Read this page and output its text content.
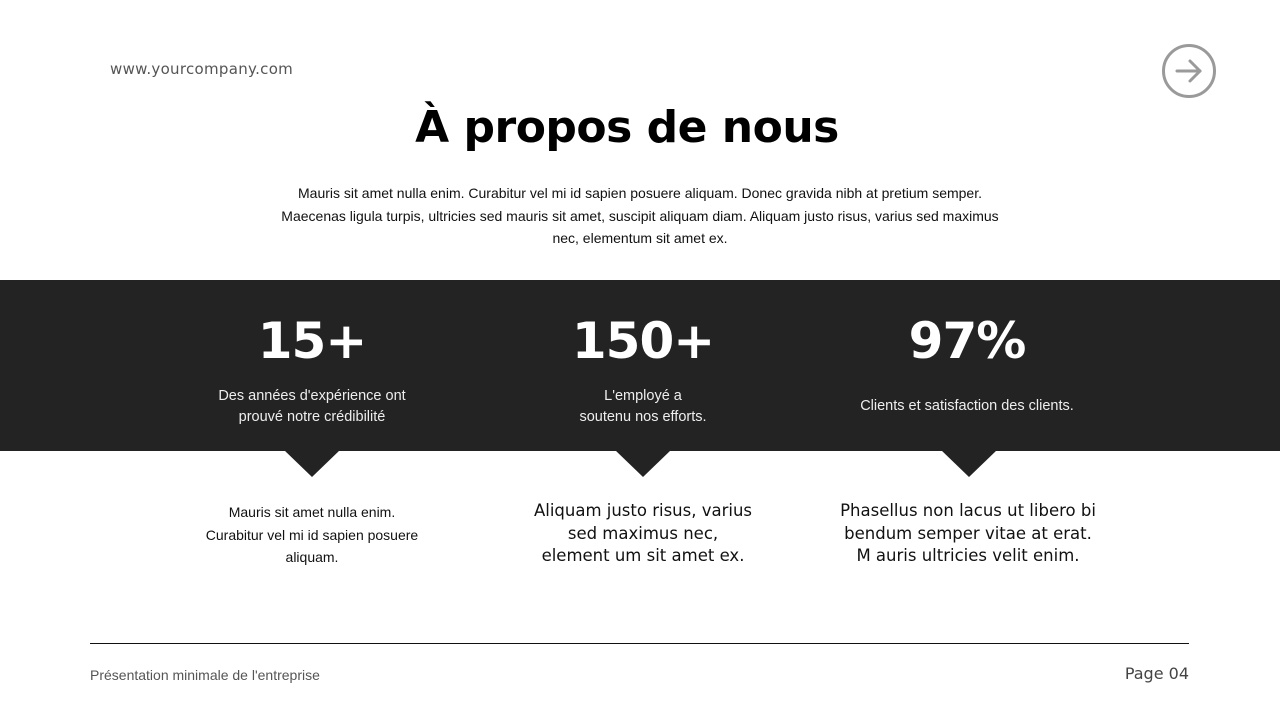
www.yourcompany.com
À propos de nous
Mauris sit amet nulla enim. Curabitur vel mi id sapien posuere aliquam. Donec gravida nibh at pretium semper. Maecenas ligula turpis, ultricies sed mauris sit amet, suscipit aliquam diam. Aliquam justo risus, varius sed maximus nec, elementum sit amet ex.
15+
Des années d'expérience ont
prouvé notre crédibilité
150+
L'employé a
soutenu nos efforts.
97%
Clients et satisfaction des clients.
Mauris sit amet nulla enim. Curabitur vel mi id sapien posuere aliquam.
Aliquam justo risus, varius sed maximus nec, element um sit amet ex.
Phasellus non lacus ut libero bi bendum semper vitae at erat. M auris ultricies velit enim.
Présentation minimale de l'entreprise	Page 04
